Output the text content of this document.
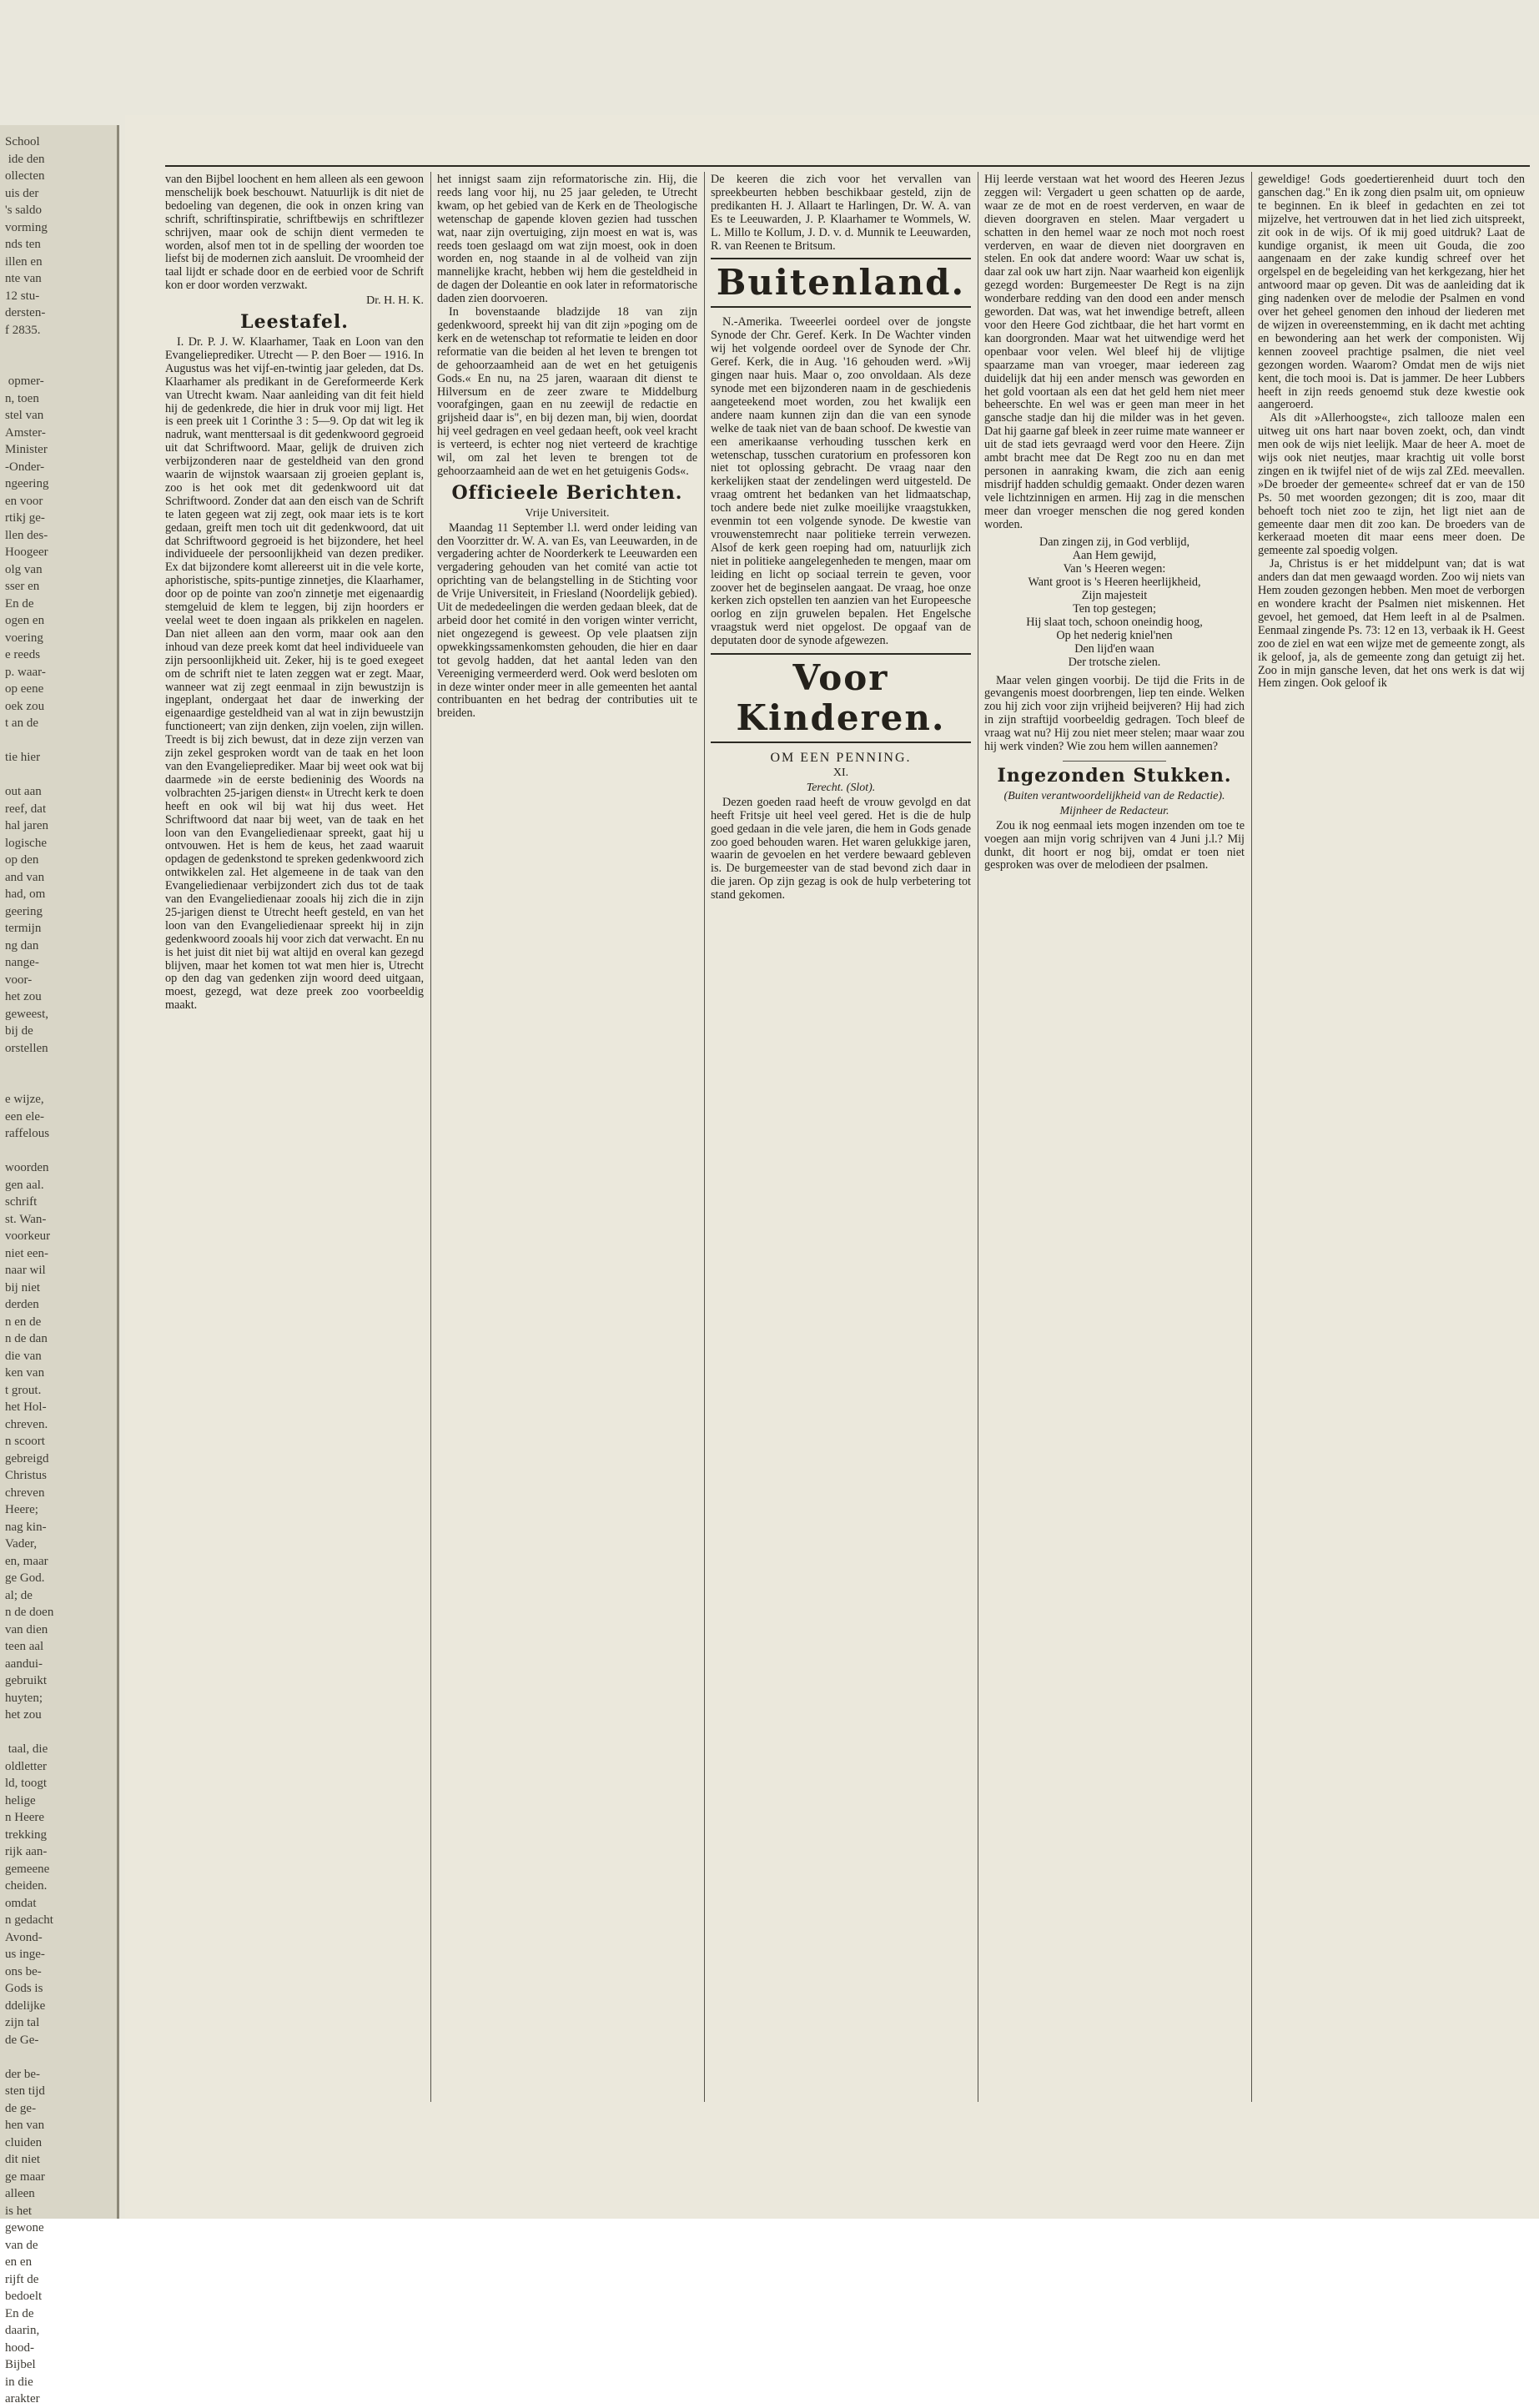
School
ide den
ollecten
uis der
's saldo
vorming
nds ten
illen en
nte van
12 stu-
dersten-
f 2835.

opmer-
n, toen
stel van
Amster-
Minister
-Onder-
ngeering
en voor
rtikj ge-
llen des-
Hoogeer
olg van
sser en
En de
ogen en
voering
e reeds
p. waar-
op eene
oek zou
t an de

tie hier

out aan
reef, dat
hal jaren
logische
op den
and van
had, om
geering
termijn
ng dan
nange-
voor-
het zou
geweest,
bij de
orstellen

e wijze,
een ele-
raffelous

woorden
gen aal.
schrift
st. Wan-
voorkeur
niet een-
naar wil
bij niet
derden
n en de
n de dan
die van
ken van
t grout.
het Hol-
chreven.
n scoort
gebreigd
Christus
chreven
Heere;
nag kin-
Vader,
en, maar
ge God.
al; de
n de doen
van dien
teen aal
aandui-
gebruikt
huyten;
het zou

taal, die
oldletter
ld, toogt
helige
n Heere
trekking
rijk aan-
gemeene
cheiden.
omdat
n gedacht
Avond-
us inge-
ons be-
Gods is
ddelijke
zijn tal
de Ge-

der be-
sten tijd
de ge-
hen van
cluiden
dit niet
ge maar
alleen
is het
gewone
van de
en en
rijft de
bedoelt
En de
daarin,
hood-
Bijbel
in die
arakter

van den Bijbel loochent en hem alleen als een gewoon menschelijk boek beschouwt. Natuurlijk is dit niet de bedoeling van degenen, die ook in onzen kring van schrift, schriftinspiratie, schriftbewijs en schriftlezer schrijven, maar ook de schijn dient vermeden te worden, alsof men tot in de spelling der woorden toe liefst bij de modernen zich aansluit. De vroomheid der taal lijdt er schade door en de eerbied voor de Schrift kon er door worden verzwakt.

Dr. H. H. K.
Leestafel.

I. Dr. P. J. W. Klaarhamer, Taak en Loon van den Evangelieprediker. Utrecht — P. den Boer — 1916. In Augustus was het vijf-en-twintig jaar geleden, dat Ds. Klaarhamer als predikant in de Gereformeerde Kerk van Utrecht kwam. Naar aanleiding van dit feit hield hij de gedenkrede, die hier in druk voor mij ligt. Het is een preek uit 1 Corinthe 3 : 5—9. Op dat wit leg ik nadruk, want menttersaal is dit gedenkwoord gegroeid uit dat Schriftwoord. Maar, gelijk de druiven zich verbijzonderen naar de gesteldheid van den grond waarin de wijnstok waarsaan zij groeien geplant is, zoo is het ook met dit gedenkwoord uit dat Schriftwoord. Zonder dat aan den eisch van de Schrift te laten gegeen wat zij zegt, ook maar iets is te kort gedaan, greift men toch uit dit gedenkwoord, dat uit dat Schriftwoord gegroeid is het bijzondere, het heel individueele der persoonlijkheid van dezen prediker. Ex dat bijzondere komt allereerst uit in die vele korte, aphoristische, spits-puntige zinnetjes, die Klaarhamer, door op de pointe van zoo'n zinnetje met eigenaardig stemgeluid de klem te leggen, bij zijn hoorders er veelal weet te doen ingaan als prikkelen en nagelen. Dan niet alleen aan den vorm, maar ook aan den inhoud van deze preek komt dat heel individueele van zijn persoonlijkheid uit. Zeker, hij is te goed exegeet om de schrift niet te laten zeggen wat er zegt. Maar, wanneer wat zij zegt eenmaal in zijn bewustzijn is ingeplant, ondergaat het daar de inwerking der eigenaardige gesteldheid van al wat in zijn bewustzijn functioneert; van zijn denken, zijn voelen, zijn willen. Treedt is bij zich bewust, dat in deze zijn verzen van zijn zekel gesproken wordt van de taak en het loon van den Evangelieprediker. Maar bij weet ook wat bij daarmede »in de eerste bedieninig des Woords na volbrachten 25-jarigen dienst« in Utrecht kerk te doen heeft en ook wil bij wat hij dus weet. Het Schriftwoord dat naar bij weet, van de taak en het loon van den Evangeliedienaar spreekt, gaat hij u ontvouwen. Het is hem de keus, het zaad waaruit opdagen de gedenkstond te spreken gedenkwoord zich ontwikkelen zal. Het algemeene in de taak van den Evangeliedienaar verbijzondert zich dus tot de taak van den Evangeliedienaar zooals hij zich die in zijn 25-jarigen dienst te Utrecht heeft gesteld, en van het loon van den Evangeliedienaar spreekt hij in zijn gedenkwoord zooals hij voor zich dat verwacht. En nu is het juist dit niet bij wat altijd en overal kan gezegd blijven, maar het komen tot wat men hier is, Utrecht op den dag van gedenken zijn woord deed uitgaan, moest, gezegd, wat deze preek zoo voorbeeldig maakt.

het innigst saam zijn reformatorische zin. Hij, die reeds lang voor hij, nu 25 jaar geleden, te Utrecht kwam, op het gebied van de Kerk en de Theologische wetenschap de gapende kloven gezien had tusschen wat, naar zijn overtuiging, zijn moest en wat is, was reeds toen geslaagd om wat zijn moest, ook in doen worden en, nog staande in al de volheid van zijn mannelijke kracht, hebben wij hem die gesteldheid in de dagen der Doleantie en ook later in reformatorische daden zien doorvoeren.

In bovenstaande bladzijde 18 van zijn gedenkwoord, spreekt hij van dit zijn »poging om de kerk en de wetenschap tot reformatie te leiden en door reformatie van die beiden al het leven te brengen tot de gehoorzaamheid aan de wet en het getuigenis Gods.« En nu, na 25 jaren, waaraan dit dienst te Hilversum en de zeer zware te Middelburg voorafgingen, gaan en nu zeewijl de redactie en grijsheid daar is", en bij dezen man, bij wien, doordat hij veel gedragen en veel gedaan heeft, ook veel kracht is verteerd, is echter nog niet verteerd de krachtige wil, om zal het leven te brengen tot de gehoorzaamheid aan de wet en het getuigenis Gods«.

Officieele Berichten.
Vrije Universiteit.

Maandag 11 September l.l. werd onder leiding van den Voorzitter dr. W. A. van Es, van Leeuwarden, in de vergadering achter de Noorderkerk te Leeuwarden een vergadering gehouden van het comité van actie tot oprichting van de belangstelling in de Stichting voor de Vrije Universiteit, in Friesland (Noordelijk gebied). Uit de mededeelingen die werden gedaan bleek, dat de arbeid door het comité in den vorigen winter verricht, niet ongezegend is geweest. Op vele plaatsen zijn opwekkingssamenkomsten gehouden, die hier en daar tot gevolg hadden, dat het aantal leden van den Vereeniging vermeerderd werd. Ook werd besloten om in deze winter onder meer in alle gemeenten het aantal contribuanten en het bedrag der contributies uit te breiden.

De keeren die zich voor het vervallen van spreekbeurten hebben beschikbaar gesteld, zijn de predikanten H. J. Allaart te Harlingen, Dr. W. A. van Es te Leeuwarden, J. P. Klaarhamer te Wommels, W. L. Millo te Kollum, J. D. v. d. Munnik te Leeuwarden, R. van Reenen te Britsum.

Buitenland.

N.-Amerika. Tweeerlei oordeel over de jongste Synode der Chr. Geref. Kerk. In De Wachter vinden wij het volgende oordeel over de Synode der Chr. Geref. Kerk, die in Aug. '16 gehouden werd. »Wij gingen naar huis. Maar o, zoo onvoldaan. Als deze synode met een bijzonderen naam in de geschiedenis aangeteekend moet worden, zou het kwalijk een andere naam kunnen zijn dan die van een synode welke de taak niet van de baan schoof. De kwestie van een amerikaanse verhouding tusschen kerk en wetenschap, tusschen curatorium en professoren kon niet tot oplossing gebracht. De vraag naar den kerkelijken staat der zendelingen werd uitgesteld. De vraag omtrent het bedanken van het lidmaatschap, toch andere bede niet zulke moeilijke vraagstukken, evenmin tot een volgende synode. De kwestie van vrouwenstemrecht naar politieke terrein verwezen. Alsof de kerk geen roeping had om, natuurlijk zich niet in politieke aangelegenheden te mengen, maar om leiding en licht op sociaal terrein te geven, voor zoover het de beginselen aangaat. De vraag, hoe onze kerken zich opstellen ten aanzien van het Europeesche oorlog en zijn gruwelen bepalen. Het Engelsche vraagstuk werd niet opgelost. De opgaaf van de deputaten door de synode afgewezen.

Voor Kinderen.
OM EEN PENNING.
XI.
Terecht. (Slot).

Dezen goeden raad heeft de vrouw gevolgd en dat heeft Fritsje uit heel veel gered. Het is die de hulp goed gedaan in die vele jaren, die hem in Gods genade zoo goed behouden waren. Het waren gelukkige jaren, waarin de gevoelen en het verdere bewaard gebleven is. De burgemeester van de stad bevond zich daar in die jaren. Op zijn gezag is ook de hulp verbetering tot stand gekomen.

Hij leerde verstaan wat het woord des Heeren Jezus zeggen wil: Vergadert u geen schatten op de aarde, waar ze de mot en de roest verderven, en waar de dieven doorgraven en stelen. Maar vergadert u schatten in den hemel waar ze noch mot noch roest verderven, en waar de dieven niet doorgraven en stelen. En ook dat andere woord: Waar uw schat is, daar zal ook uw hart zijn. Naar waarheid kon eigenlijk gezegd worden: Burgemeester De Regt is na zijn wonderbare redding van den dood een ander mensch geworden. Dat was, wat het inwendige betreft, alleen voor den Heere God zichtbaar, die het hart vormt en kan doorgronden. Maar wat het uitwendige werd het openbaar voor velen. Wel bleef hij de vlijtige spaarzame man van vroeger, maar iedereen zag duidelijk dat hij een ander mensch was geworden en het gold voortaan als een dat het geld hem niet meer beheerschte. En wel was er geen man meer in het gansche stadje dan hij die milder was in het geven. Dat hij gaarne gaf bleek in zeer ruime mate wanneer er uit de stad iets gevraagd werd voor den Heere. Zijn ambt bracht mee dat De Regt zoo nu en dan met personen in aanraking kwam, die zich aan eenig misdrijf hadden schuldig gemaakt. Onder dezen waren vele lichtzinnigen en armen. Hij zag in die menschen meer dan vroeger menschen die nog gered konden worden.

Dan zingen zij, in God verblijd,
Aan Hem gewijd,
Van 's Heeren wegen:
Want groot is 's Heeren heerlijkheid,
Zijn majesteit
Ten top gestegen;
Hij slaat toch, schoon oneindig hoog,
Op het nederig kniel'nen
Den lijd'en waan
Der trotsche zielen.

Maar velen gingen voorbij. De tijd die Frits in de gevangenis moest doorbrengen, liep ten einde. Welken zou hij zich voor zijn vrijheid beijveren? Hij had zich in zijn straftijd voorbeeldig gedragen. Toch bleef de vraag wat nu? Hij zou niet meer stelen; maar waar zou hij werk vinden? Wie zou hem willen aannemen?

Ingezonden Stukken.
(Buiten verantwoordelijkheid van de Redactie).
Mijnheer de Redacteur.

Zou ik nog eenmaal iets mogen inzenden om toe te voegen aan mijn vorig schrijven van 4 Juni j.l.? Mij dunkt, dit hoort er nog bij, omdat er toen niet gesproken was over de melodieen der psalmen.

geweldige! Gods goedertierenheid duurt toch den ganschen dag." En ik zong dien psalm uit, om opnieuw te beginnen. En ik bleef in gedachten en zei tot mijzelve, het vertrouwen dat in het lied zich uitspreekt, zit ook in de wijs. Of ik mij goed uitdruk? Laat de kundige organist, ik meen uit Gouda, die zoo aangenaam en der zake kundig schreef over het orgelspel en de begeleiding van het kerkgezang, hier het antwoord maar op geven. Dit was de aanleiding dat ik ging nadenken over de melodie der Psalmen en vond over het geheel genomen den inhoud der liederen met de wijzen in overeenstemming, en ik dacht met achting en bewondering aan het werk der componisten. Wij kennen zooveel prachtige psalmen, die niet veel gezongen worden. Waarom? Omdat men de wijs niet kent, die toch mooi is. Dat is jammer. De heer Lubbers heeft in zijn reeds genoemd stuk deze kwestie ook aangeroerd.

Als dit »Allerhoogste«, zich tallooze malen een uitweg uit ons hart naar boven zoekt, och, dan vindt men ook de wijs niet leelijk. Maar de heer A. moet de wijs ook niet neutjes, maar krachtig uit volle borst zingen en ik twijfel niet of de wijs zal ZEd. meevallen. »De broeder der gemeente« schreef dat er van de 150 Ps. 50 met woorden gezongen; dit is zoo, maar dit behoeft toch niet zoo te zijn, het ligt niet aan de gemeente daar men dit zoo kan. De broeders van de kerkeraad moeten dit maar eens meer doen. De gemeente zal spoedig volgen.

Ja, Christus is er het middelpunt van; dat is wat anders dan dat men gewaagd worden. Zoo wij niets van Hem zouden gezongen hebben. Men moet de verborgen en wondere kracht der Psalmen niet miskennen. Het gevoel, het gemoed, dat Hem leeft in al de Psalmen. Eenmaal zingende Ps. 73: 12 en 13, verbaak ik H. Geest zoo de ziel en wat een wijze met de gemeente zongt, als ik geloof, ja, als de gemeente zong dan getuigt zij het. Zoo in mijn gansche leven, dat het ons werk is dat wij Hem zingen. Ook geloof ik
